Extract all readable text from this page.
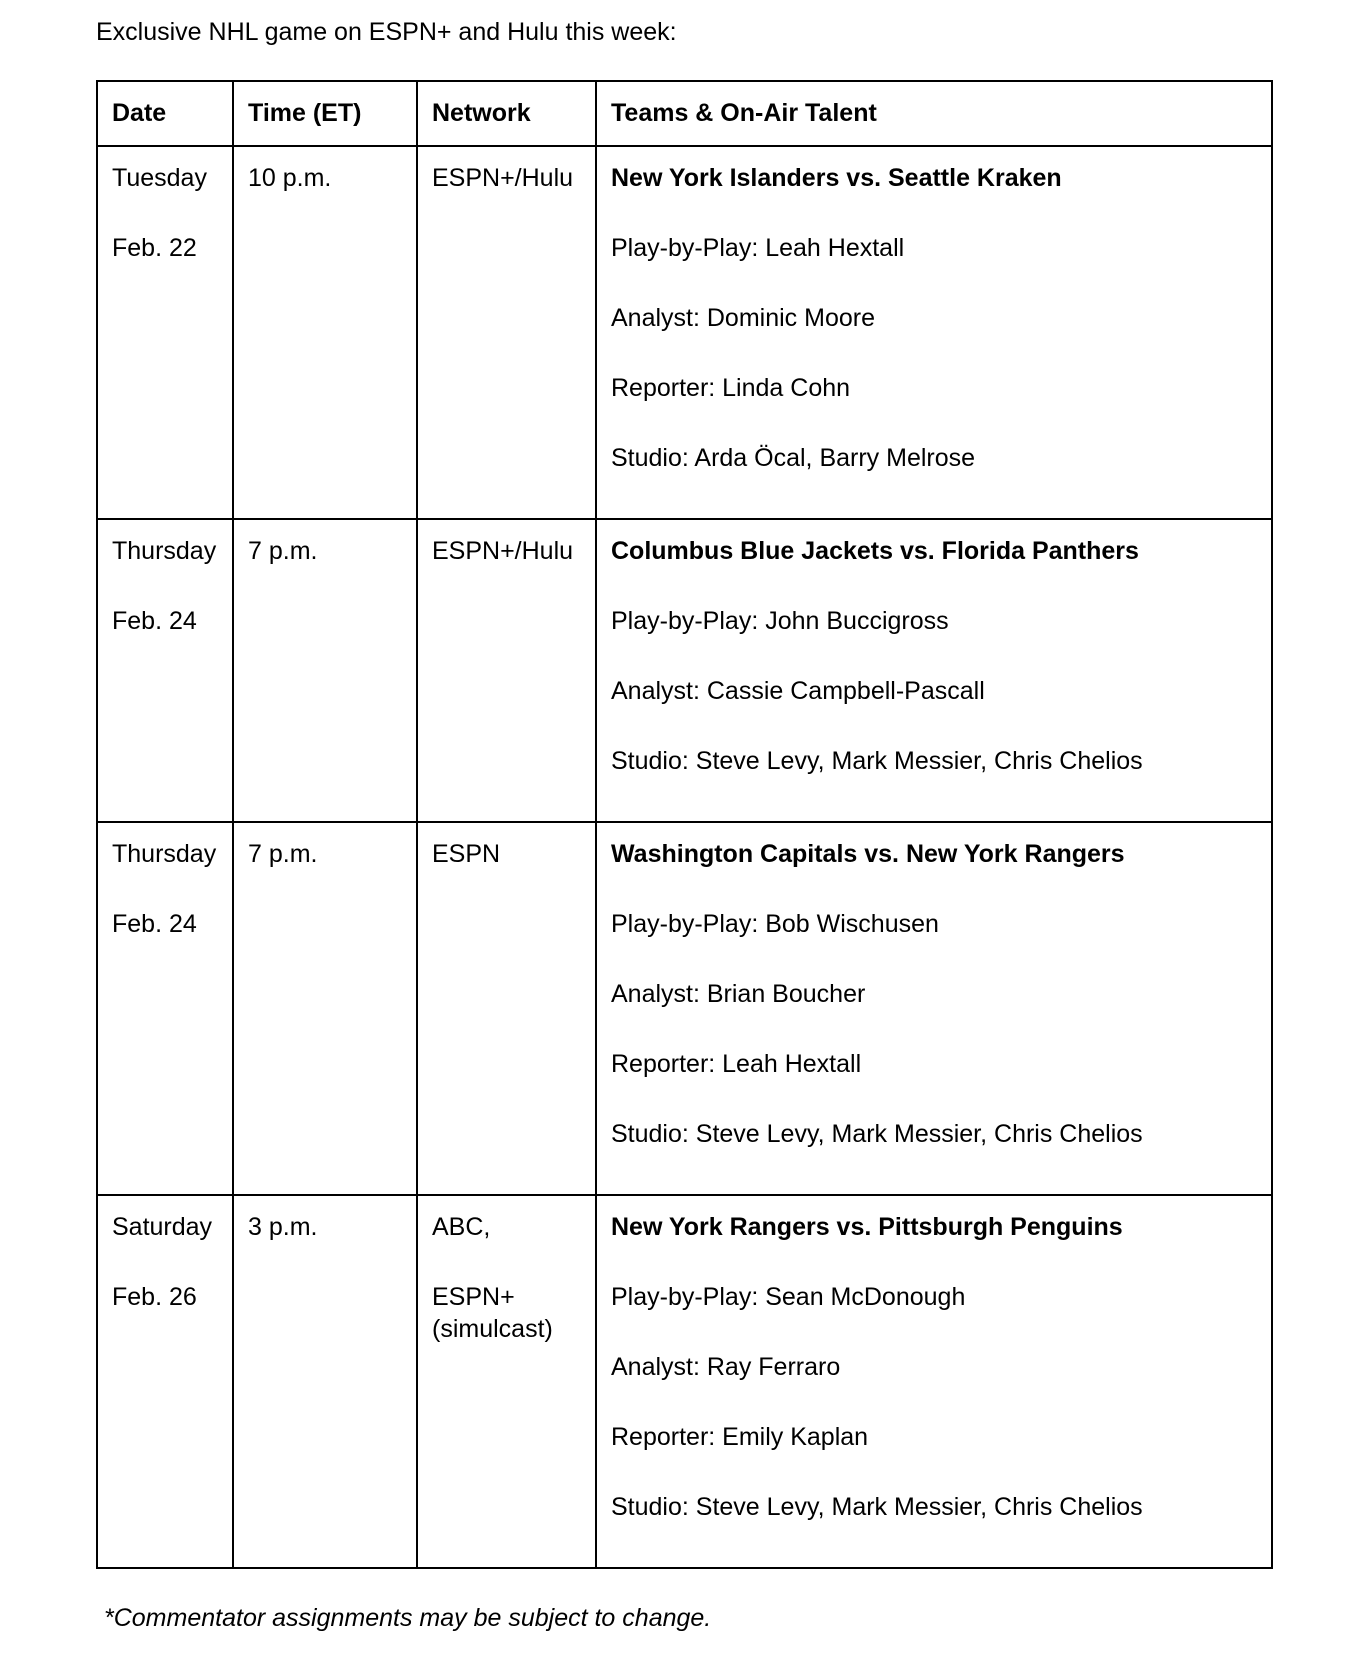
Exclusive NHL game on ESPN+ and Hulu this week:
Date	Time (ET)	Network	Teams & On-Air Talent

Tuesday
Feb. 22	10 p.m.	ESPN+/Hulu	New York Islanders vs. Seattle Kraken
Play-by-Play: Leah Hextall
Analyst: Dominic Moore
Reporter: Linda Cohn
Studio: Arda Öcal, Barry Melrose

Thursday
Feb. 24	7 p.m.	ESPN+/Hulu	Columbus Blue Jackets vs. Florida Panthers
Play-by-Play: John Buccigross
Analyst: Cassie Campbell-Pascall
Studio: Steve Levy, Mark Messier, Chris Chelios

Thursday
Feb. 24	7 p.m.	ESPN	Washington Capitals vs. New York Rangers
Play-by-Play: Bob Wischusen
Analyst: Brian Boucher
Reporter: Leah Hextall
Studio: Steve Levy, Mark Messier, Chris Chelios

Saturday
Feb. 26	3 p.m.	ABC,
ESPN+
(simulcast)	New York Rangers vs. Pittsburgh Penguins
Play-by-Play: Sean McDonough
Analyst: Ray Ferraro
Reporter: Emily Kaplan
Studio: Steve Levy, Mark Messier, Chris Chelios
*Commentator assignments may be subject to change.
